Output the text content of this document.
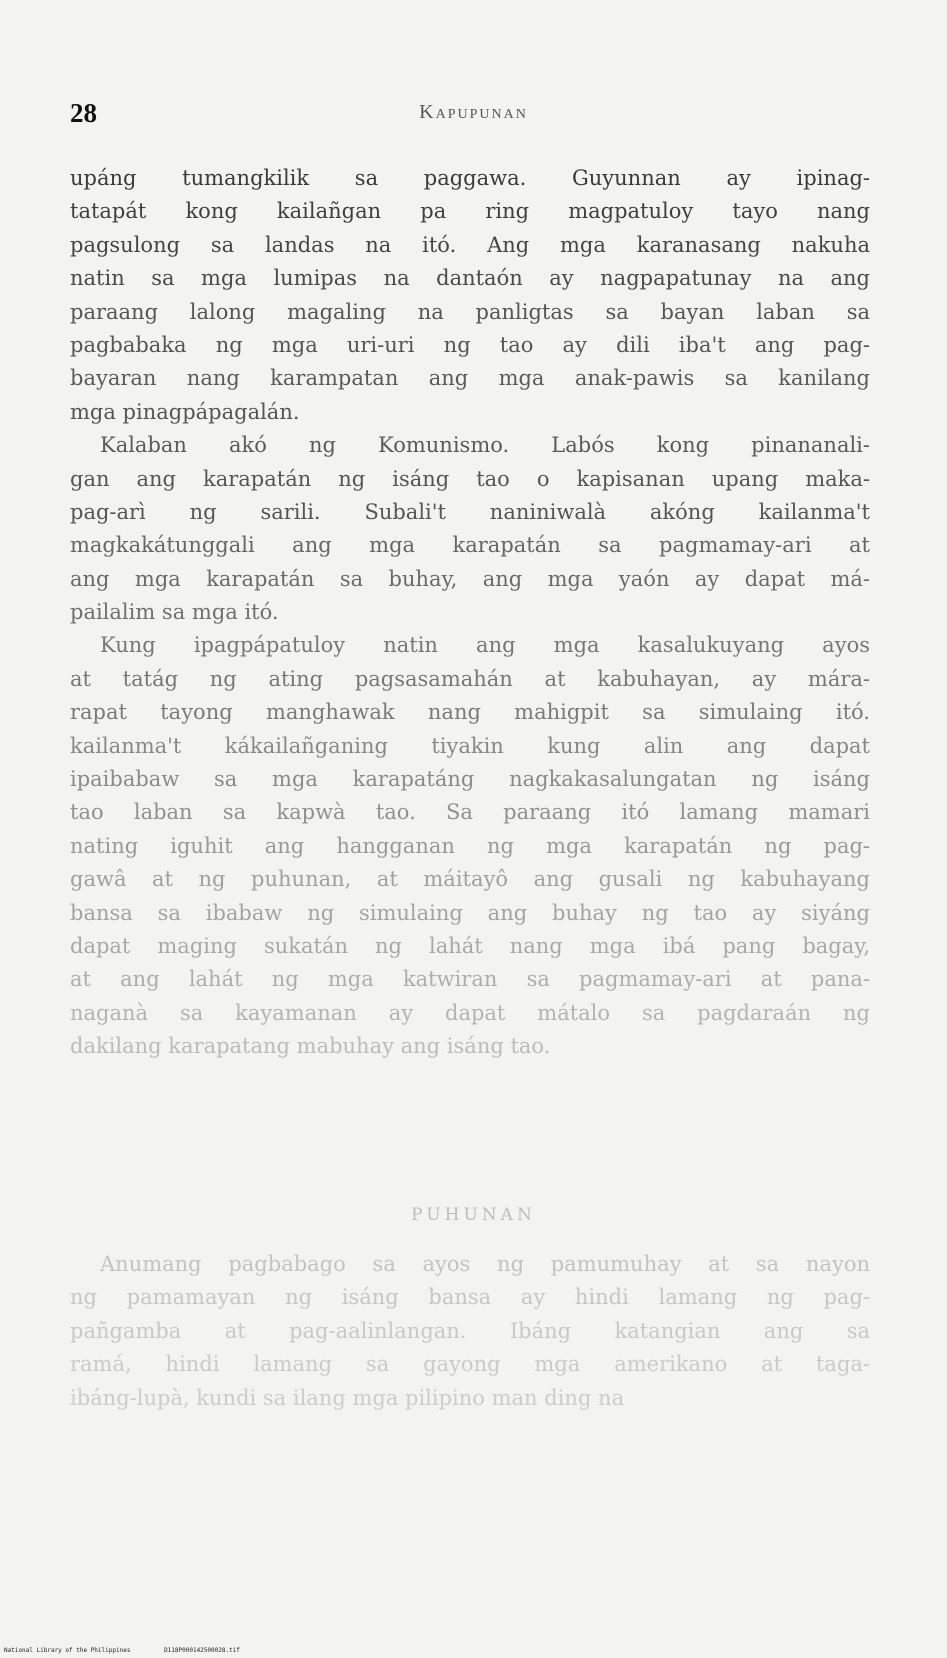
28	Kapupunan
upáng tumangkilik sa paggawa. Guyunnan ay ipinag-
tatapát kong kailañgan pa ring magpatuloy tayo nang
pagsulong sa landas na itó. Ang mga karanasang nakuha
natin sa mga lumipas na dantaón ay nagpapatunay na ang
paraang lalong magaling na panligtas sa bayan laban sa
pagbabaka ng mga uri-uri ng tao ay dili iba't ang pag-
bayaran nang karampatan ang mga anak-pawis sa kanilang
mga pinagpápagalán.
Kalaban akó ng Komunismo. Labós kong pinananali-
gan ang karapatán ng isáng tao o kapisanan upang maka-
pag-arì ng sarili. Subali't naniniwalà akóng kailanma't
magkakátunggali ang mga karapatán sa pagmamay-ari at
ang mga karapatán sa buhay, ang mga yaón ay dapat má-
pailalim sa mga itó.
Kung ipagpápatuloy natin ang mga kasalukuyang ayos
at tatág ng ating pagsasamahán at kabuhayan, ay mára-
rapat tayong manghawak nang mahigpit sa simulaing itó.
kailanma't kákailañganing tiyakin kung alin ang dapat
ipaibabaw sa mga karapatáng nagkakasalungatan ng isáng
tao laban sa kapwà tao. Sa paraang itó lamang mamari
nating iguhit ang hangganan ng mga karapatán ng pag-
gawâ at ng puhunan, at máitayô ang gusali ng kabuhayang
bansa sa ibabaw ng simulaing ang buhay ng tao ay siyáng
dapat maging sukatán ng lahát nang mga ibá pang bagay,
at ang lahát ng mga katwiran sa pagmamay-ari at pana-
naganà sa kayamanan ay dapat mátalo sa pagdaraán ng
dakilang karapatang mabuhay ang isáng tao.
PUHUNAN
Anumang pagbabago sa ayos ng pamumuhay at sa nayon
ng pamamayan ng isáng bansa ay hindi lamang ng pag-
pañgamba at pag-aalinlangan. Ibáng katangian ang sa
ramá, hindi lamang sa gayong mga amerikano at taga-
ibáng-lupà, kundi sa ilang mga pilipino man ding na
National Library of the Philippines	D118P000142500028.tif
